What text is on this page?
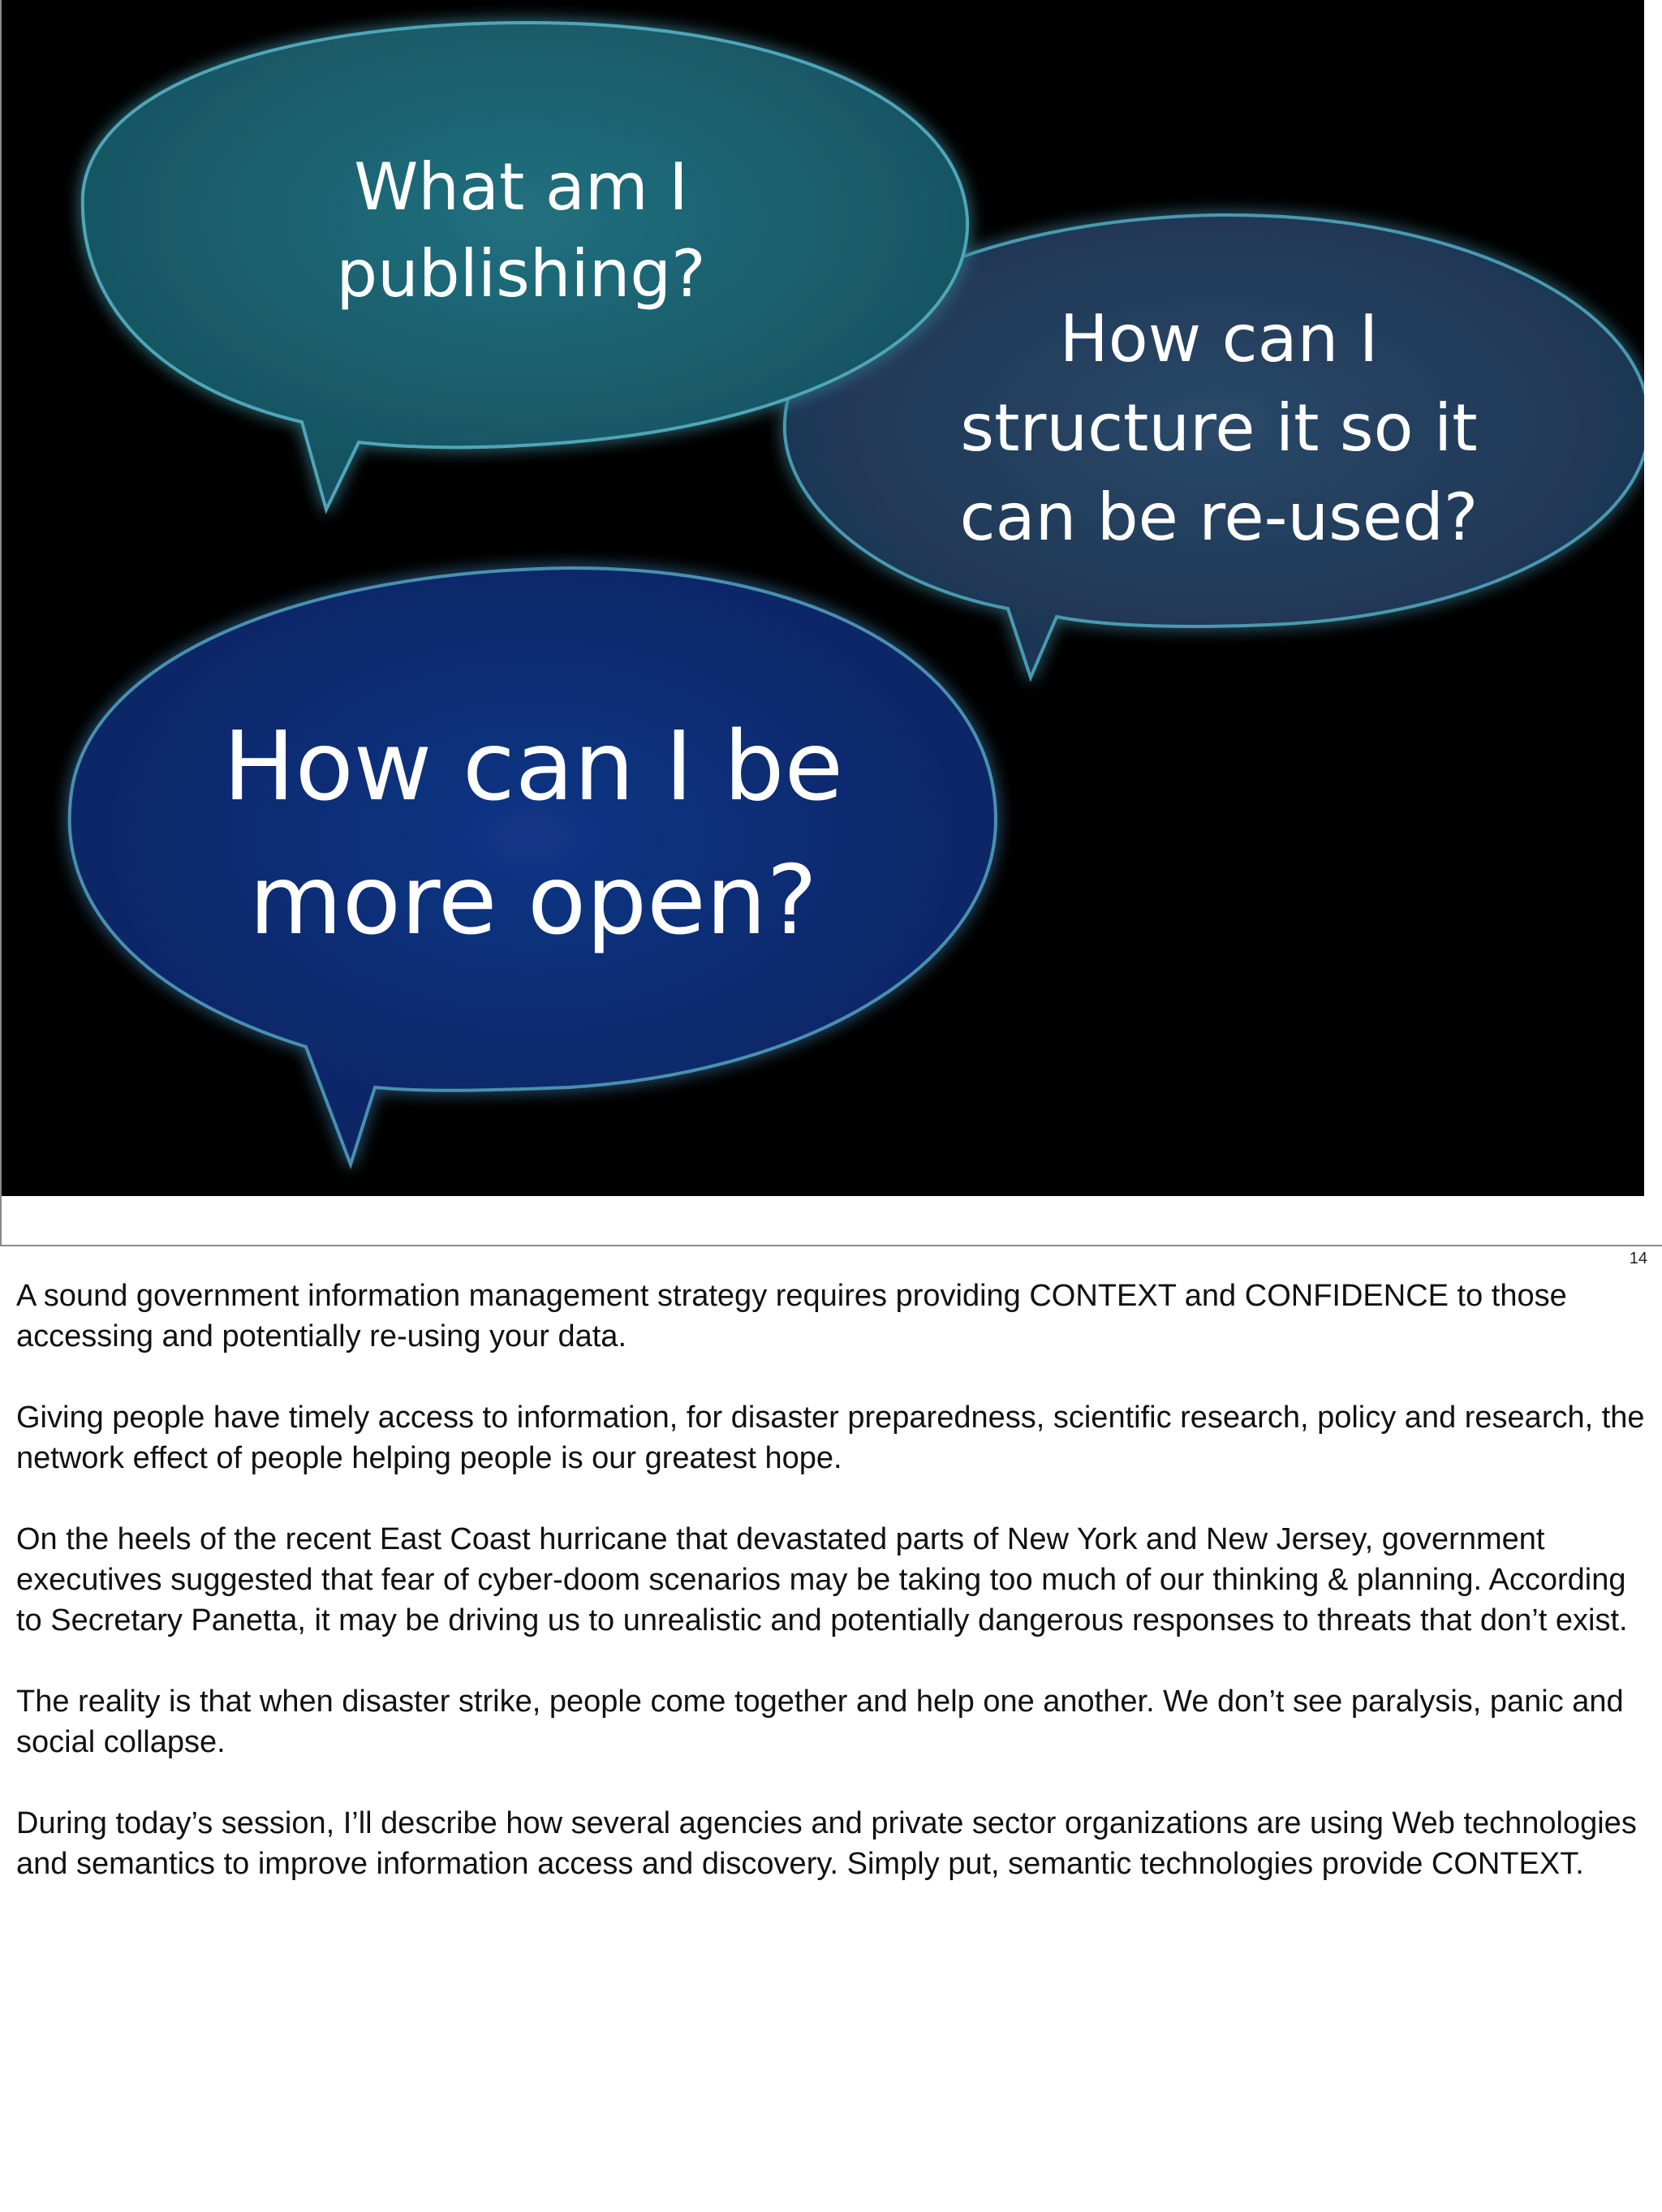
What am I
publishing?
How can I
structure it so it
can be re-used?
How can I be
more open?
14

A sound government information management strategy requires providing CONTEXT and CONFIDENCE to those accessing and potentially re-using your data.

Giving people have timely access to information, for disaster preparedness, scientific research, policy and research, the network effect of people helping people is our greatest hope.

On the heels of the recent East Coast hurricane that devastated parts of New York and New Jersey, government executives suggested that fear of cyber-doom scenarios may be taking too much of our thinking & planning. According to Secretary Panetta, it may be driving us to unrealistic and potentially dangerous responses to threats that don’t exist.

The reality is that when disaster strike, people come together and help one another. We don’t see paralysis, panic and social collapse.

During today’s session, I’ll describe how several agencies and private sector organizations are using Web technologies and semantics to improve information access and discovery. Simply put, semantic technologies provide CONTEXT.
